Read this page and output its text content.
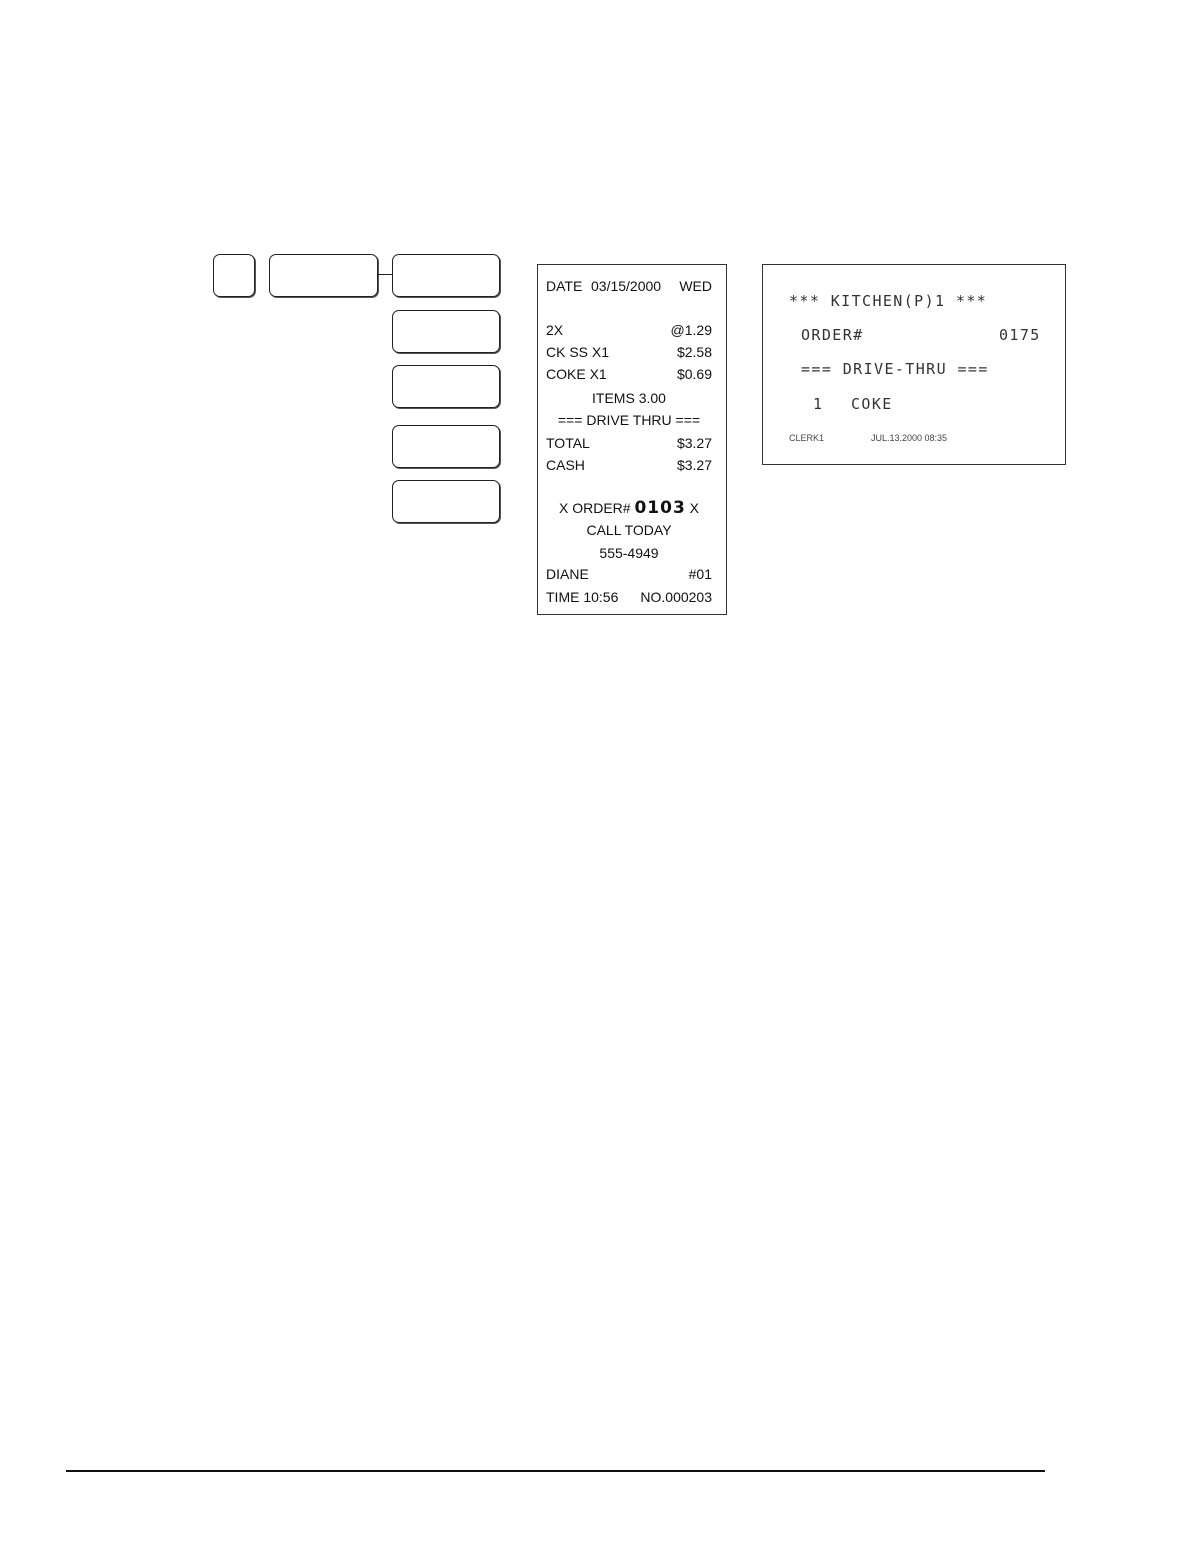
DATE 03/15/2000 WED
2X	@1.29
CK SS X1	$2.58
COKE X1	$0.69
ITEMS 3.00
=== DRIVE THRU ===
TOTAL	$3.27
CASH	$3.27
X ORDER# 0103 X
CALL TODAY
555-4949
DIANE	#01
TIME 10:56 NO.000203
*** KITCHEN(P)1 ***
ORDER#	0175
=== DRIVE-THRU ===
1 COKE
CLERK1	JUL.13.2000 08:35
